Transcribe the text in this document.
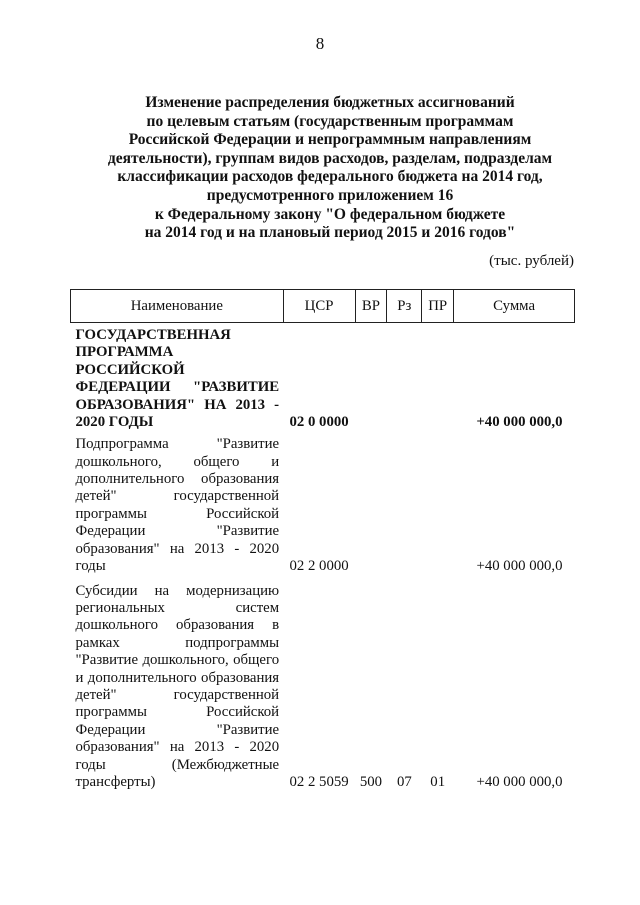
8
Изменение распределения бюджетных ассигнований
по целевым статьям (государственным программам
Российской Федерации и непрограммным направлениям
деятельности), группам видов расходов, разделам, подразделам
классификации расходов федерального бюджета на 2014 год,
предусмотренного приложением 16
к Федеральному закону "О федеральном бюджете
на 2014 год и на плановый период 2015 и 2016 годов"
(тыс. рублей)
Наименование	ЦСР	ВР	Рз	ПР	Сумма
ГОСУДАРСТВЕННАЯ ПРОГРАММА РОССИЙСКОЙ ФЕДЕРАЦИИ "РАЗВИТИЕ ОБРАЗОВАНИЯ" НА 2013 - 2020 ГОДЫ	02 0 0000				+40 000 000,0
Подпрограмма "Развитие дошкольного, общего и дополнительного образования детей" государственной программы Российской Федерации "Развитие образования" на 2013 - 2020 годы	02 2 0000				+40 000 000,0
Субсидии на модернизацию региональных систем дошкольного образования в рамках подпрограммы "Развитие дошкольного, общего и дополнительного образования детей" государственной программы Российской Федерации "Развитие образования" на 2013 - 2020 годы (Межбюджетные трансферты)	02 2 5059	500	07	01	+40 000 000,0
